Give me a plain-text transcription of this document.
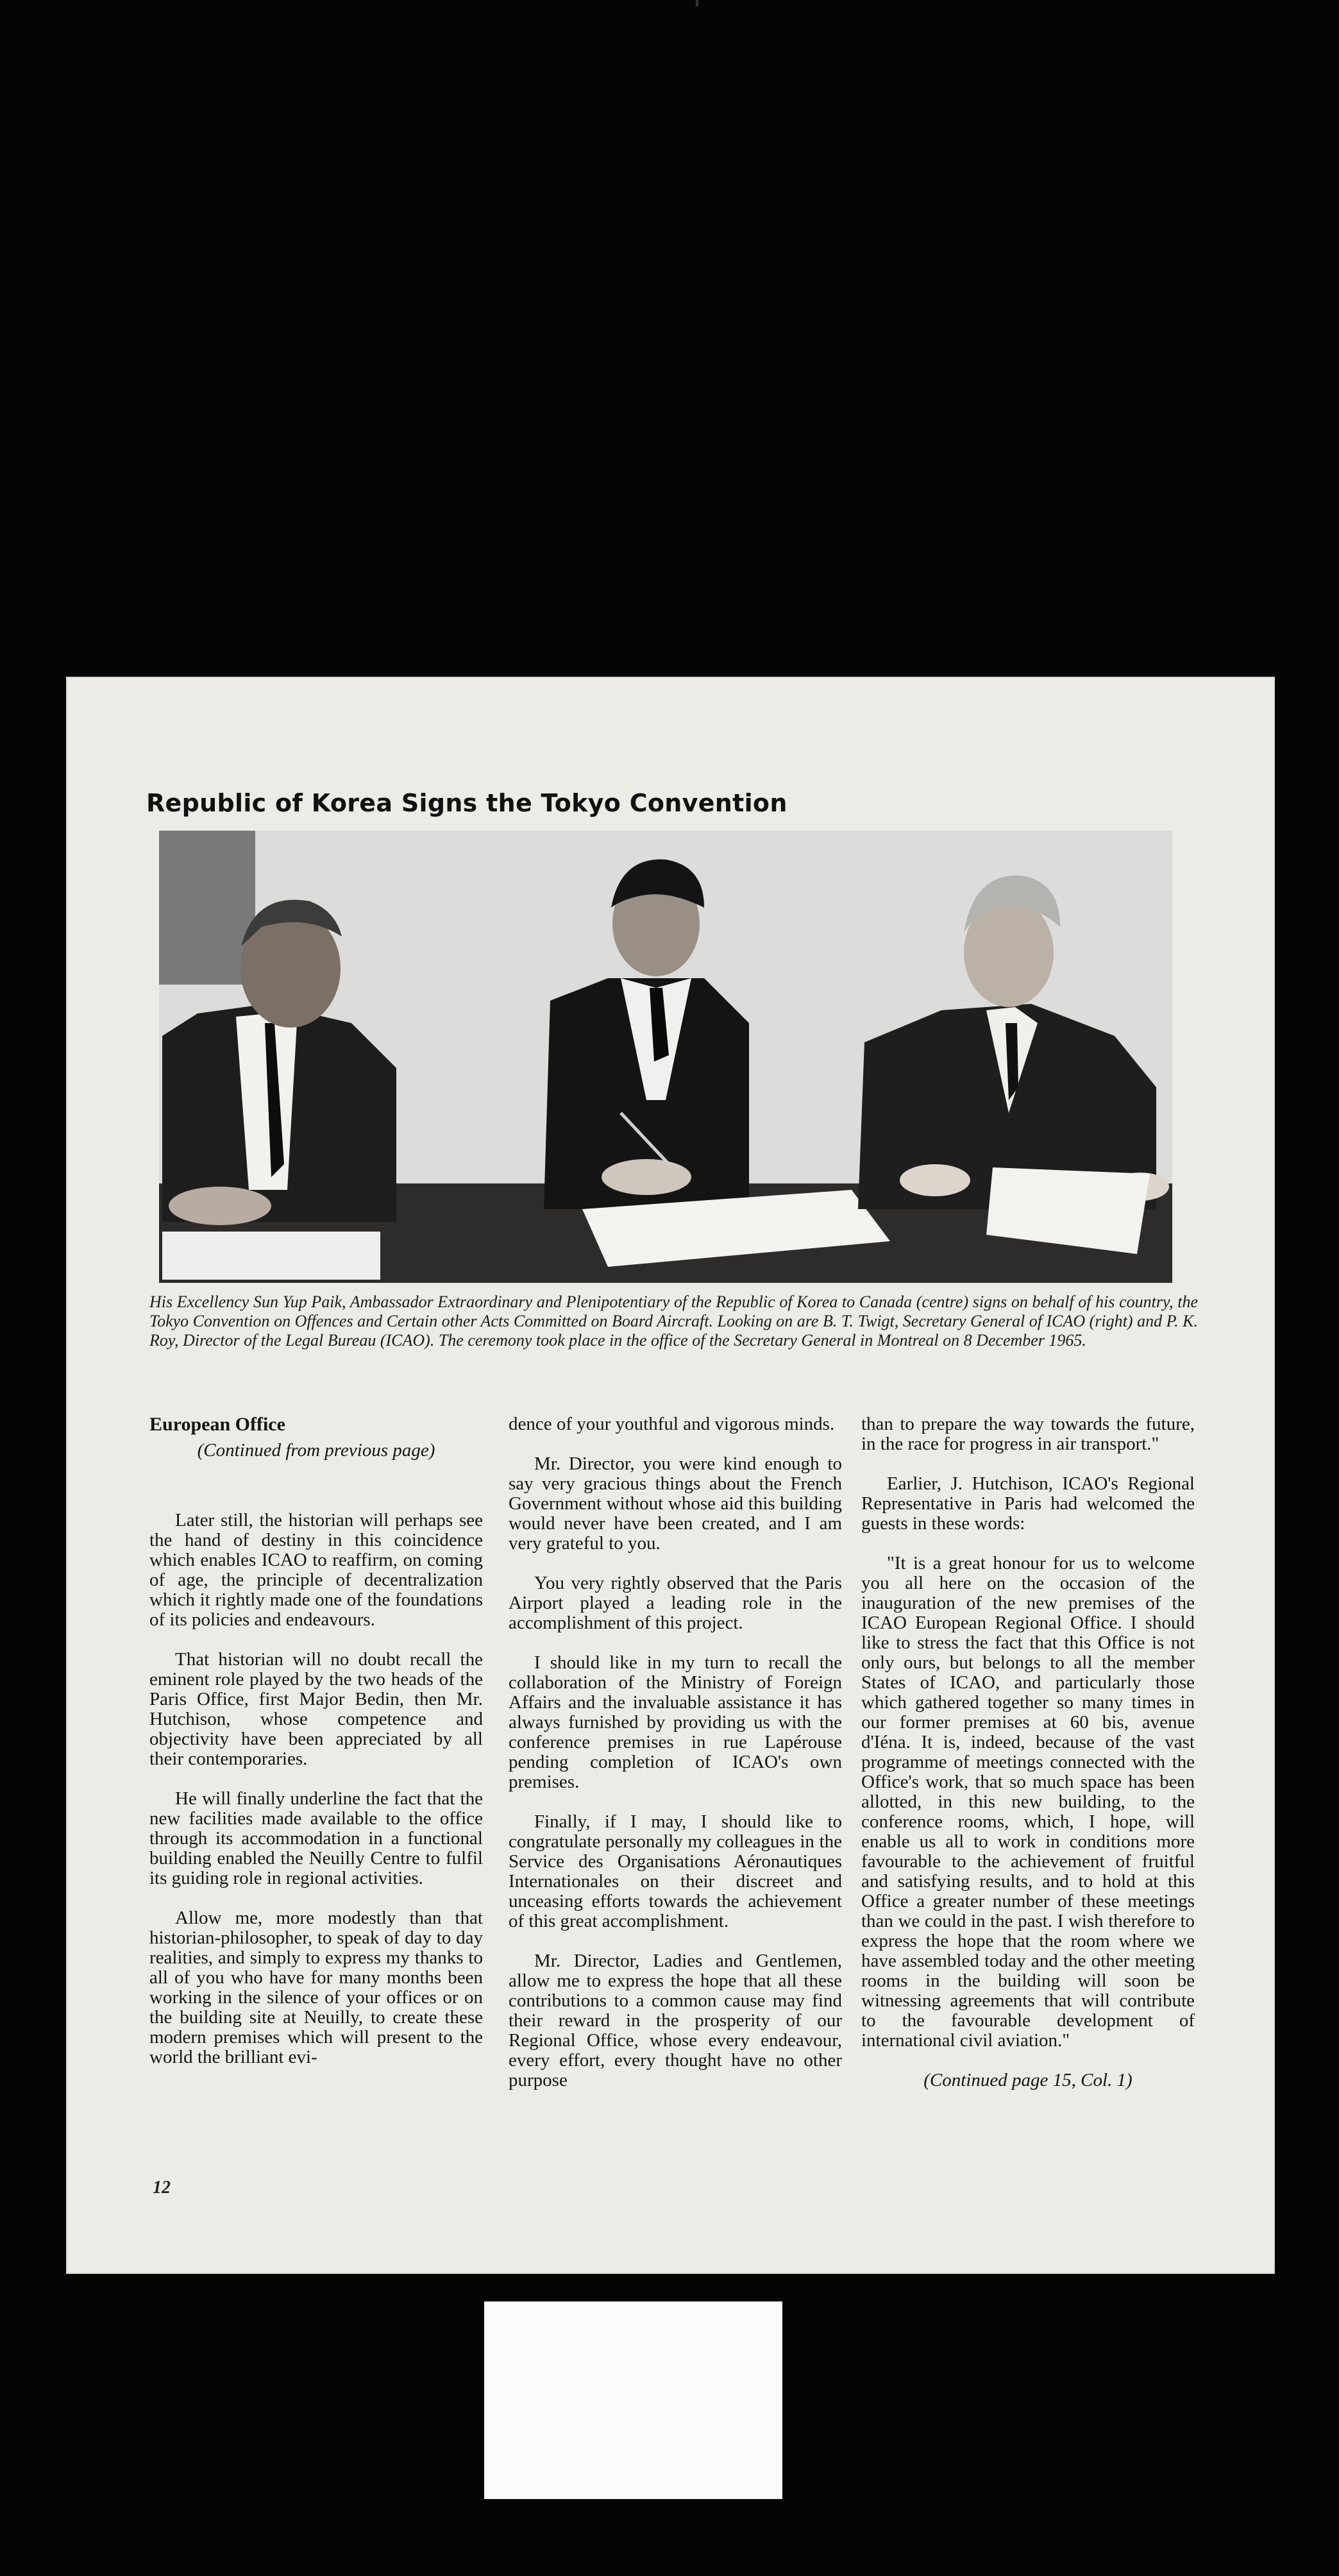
Republic of Korea Signs the Tokyo Convention

His Excellency Sun Yup Paik, Ambassador Extraordinary and Plenipotentiary of the Republic of Korea to Canada (centre) signs on behalf of his country, the Tokyo Convention on Offences and Certain other Acts Committed on Board Aircraft. Looking on are B. T. Twigt, Secretary General of ICAO (right) and P. K. Roy, Director of the Legal Bureau (ICAO). The ceremony took place in the office of the Secretary General in Montreal on 8 December 1965.

European Office

(Continued from previous page)

Later still, the historian will perhaps see the hand of destiny in this coincidence which enables ICAO to reaffirm, on coming of age, the principle of decentralization which it rightly made one of the foundations of its policies and endeavours.

That historian will no doubt recall the eminent role played by the two heads of the Paris Office, first Major Bedin, then Mr. Hutchison, whose competence and objectivity have been appreciated by all their contemporaries.

He will finally underline the fact that the new facilities made available to the office through its accommodation in a functional building enabled the Neuilly Centre to fulfil its guiding role in regional activities.

Allow me, more modestly than that historian-philosopher, to speak of day to day realities, and simply to express my thanks to all of you who have for many months been working in the silence of your offices or on the building site at Neuilly, to create these modern premises which will present to the world the brilliant evi-

dence of your youthful and vigorous minds.

Mr. Director, you were kind enough to say very gracious things about the French Government without whose aid this building would never have been created, and I am very grateful to you.

You very rightly observed that the Paris Airport played a leading role in the accomplishment of this project.

I should like in my turn to recall the collaboration of the Ministry of Foreign Affairs and the invaluable assistance it has always furnished by providing us with the conference premises in rue Lapérouse pending completion of ICAO's own premises.

Finally, if I may, I should like to congratulate personally my colleagues in the Service des Organisations Aéronautiques Internationales on their discreet and unceasing efforts towards the achievement of this great accomplishment.

Mr. Director, Ladies and Gentlemen, allow me to express the hope that all these contributions to a common cause may find their reward in the prosperity of our Regional Office, whose every endeavour, every effort, every thought have no other purpose

than to prepare the way towards the future, in the race for progress in air transport."

Earlier, J. Hutchison, ICAO's Regional Representative in Paris had welcomed the guests in these words:

"It is a great honour for us to welcome you all here on the occasion of the inauguration of the new premises of the ICAO European Regional Office. I should like to stress the fact that this Office is not only ours, but belongs to all the member States of ICAO, and particularly those which gathered together so many times in our former premises at 60 bis, avenue d'Iéna. It is, indeed, because of the vast programme of meetings connected with the Office's work, that so much space has been allotted, in this new building, to the conference rooms, which, I hope, will enable us all to work in conditions more favourable to the achievement of fruitful and satisfying results, and to hold at this Office a greater number of these meetings than we could in the past. I wish therefore to express the hope that the room where we have assembled today and the other meeting rooms in the building will soon be witnessing agreements that will contribute to the favourable development of international civil aviation."

(Continued page 15, Col. 1)

12
